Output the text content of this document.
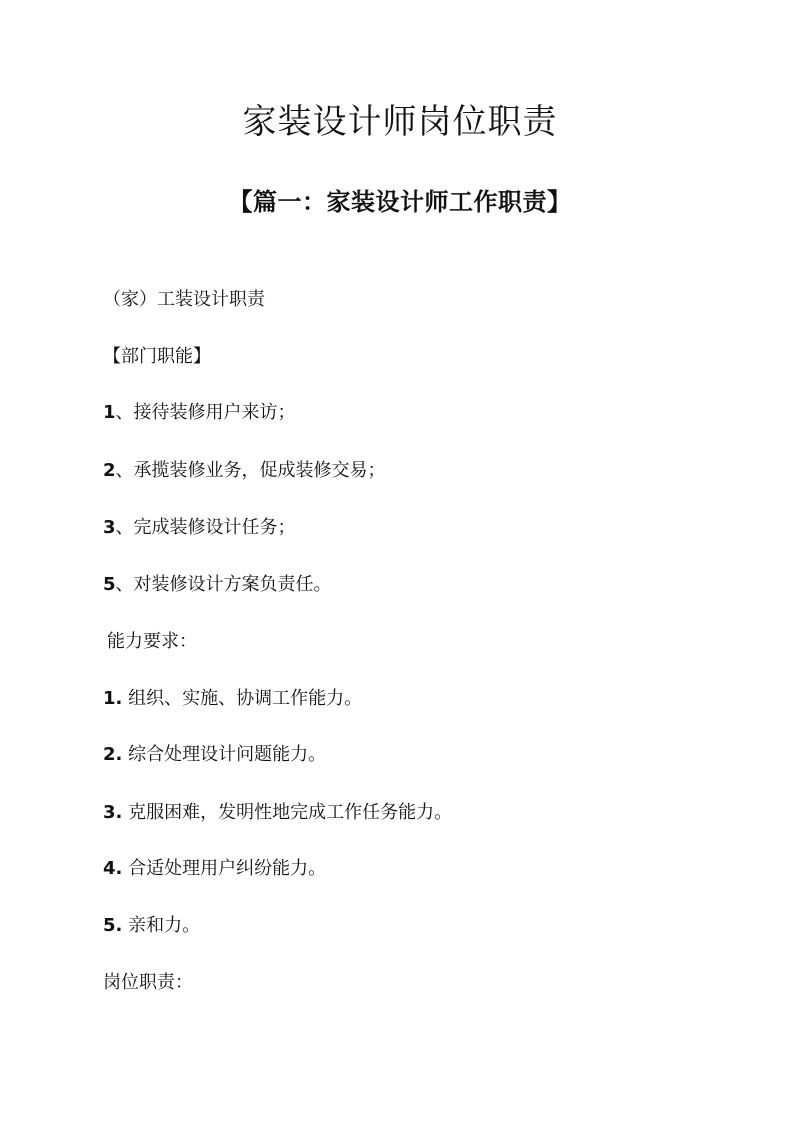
家装设计师岗位职责
【篇一：家装设计师工作职责】

（家）工装设计职责

【部门职能】

1、接待装修用户来访；

2、承揽装修业务，促成装修交易；

3、完成装修设计任务；

5、对装修设计方案负责任。

能力要求：

1. 组织、实施、协调工作能力。

2. 综合处理设计问题能力。

3. 克服困难，发明性地完成工作任务能力。

4. 合适处理用户纠纷能力。

5. 亲和力。

岗位职责：
